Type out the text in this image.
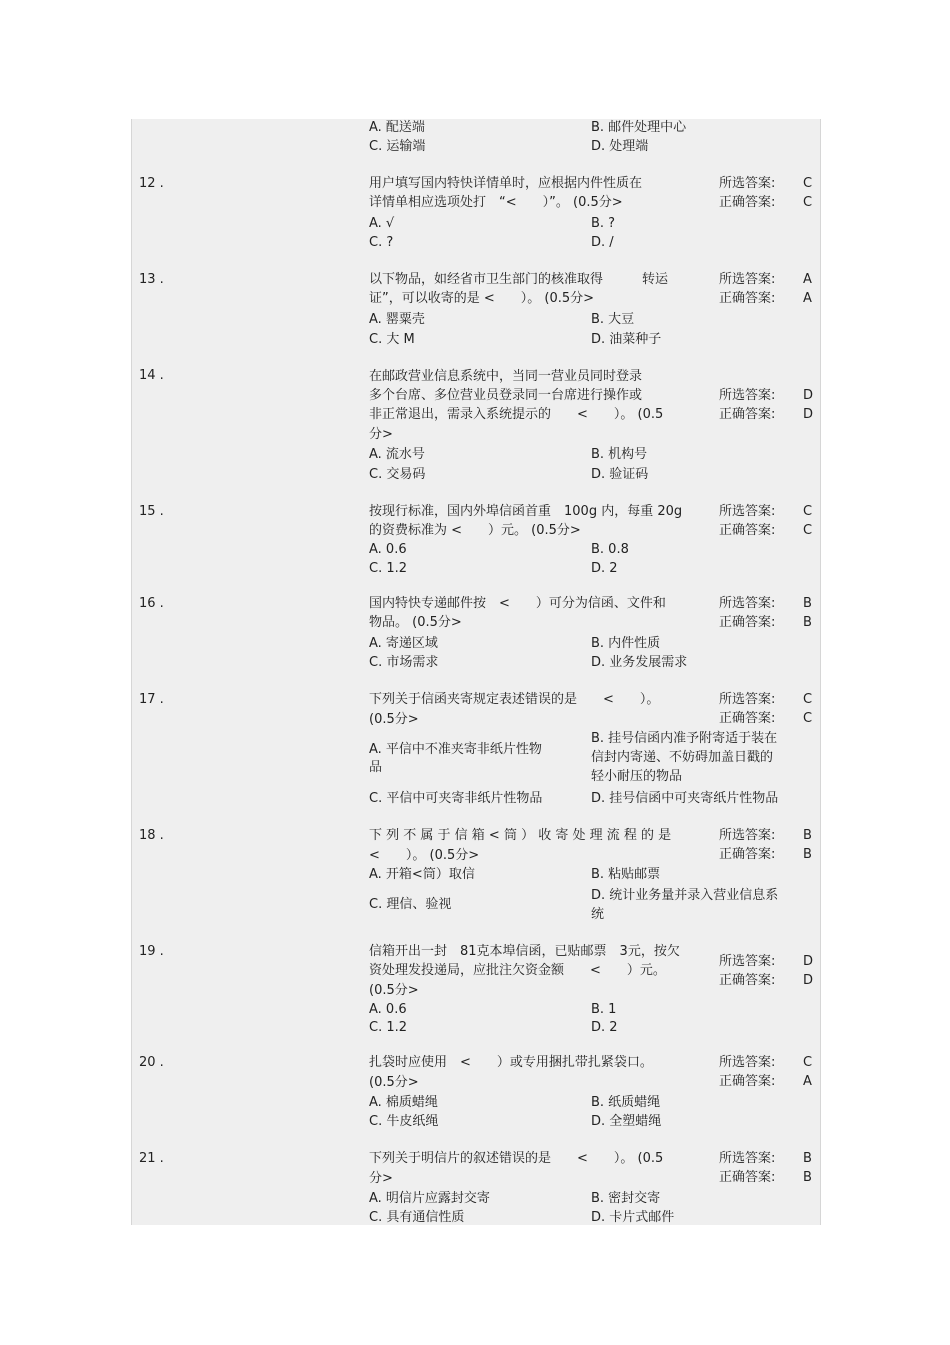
A. 配送端	B. 邮件处理中心
C. 运输端	D. 处理端
12 .	用户填写国内特快详情单时，应根据内件性质在
详情单相应选项处打　“<　　）”。 (0.5分>
所选答案: C
正确答案: C
A. √	B. ?
C. ?	D. /
13 .	以下物品，如经省市卫生部门的核准取得　　　转运
证”，可以收寄的是 <　　）。 (0.5分>
所选答案: A
正确答案: A
A. 罂粟壳	B. 大豆
C. 大 M	D. 油菜种子
14 .	在邮政营业信息系统中，当同一营业员同时登录
多个台席、多位营业员登录同一台席进行操作或
非正常退出，需录入系统提示的　　<　　）。 (0.5
分>
所选答案: D
正确答案: D
A. 流水号	B. 机构号
C. 交易码	D. 验证码
15 .	按现行标准，国内外埠信函首重　100g 内，每重 20g
的资费标准为 <　　）元。 (0.5分>
所选答案: C
正确答案: C
A. 0.6	B. 0.8
C. 1.2	D. 2
16 .	国内特快专递邮件按　<　　）可分为信函、文件和
物品。 (0.5分>
所选答案: B
正确答案: B
A. 寄递区域	B. 内件性质
C. 市场需求	D. 业务发展需求
17 .	下列关于信函夹寄规定表述错误的是　　<　　）。
(0.5分>
所选答案: C
正确答案: C
A. 平信中不准夹寄非纸片性物
品
B. 挂号信函内准予附寄适于装在
信封内寄递、不妨碍加盖日戳的
轻小耐压的物品
C. 平信中可夹寄非纸片性物品	D. 挂号信函中可夹寄纸片性物品
18 .	下 列 不 属 于 信 箱 < 筒 ） 收 寄 处 理 流 程 的 是
<　　）。 (0.5分>
所选答案: B
正确答案: B
A. 开箱<筒）取信	B. 粘贴邮票
C. 理信、验视
D. 统计业务量并录入营业信息系
统
19 .	信箱开出一封　81克本埠信函，已贴邮票　3元，按欠
资处理发投递局，应批注欠资金额　　<　　）元。
(0.5分>
所选答案: D
正确答案: D
A. 0.6	B. 1
C. 1.2	D. 2
20 .	扎袋时应使用　<　　）或专用捆扎带扎紧袋口。
(0.5分>
所选答案: C
正确答案: A
A. 棉质蜡绳	B. 纸质蜡绳
C. 牛皮纸绳	D. 全塑蜡绳
21 .	下列关于明信片的叙述错误的是　　<　　）。 (0.5
分>
所选答案: B
正确答案: B
A. 明信片应露封交寄	B. 密封交寄
C. 具有通信性质	D. 卡片式邮件
